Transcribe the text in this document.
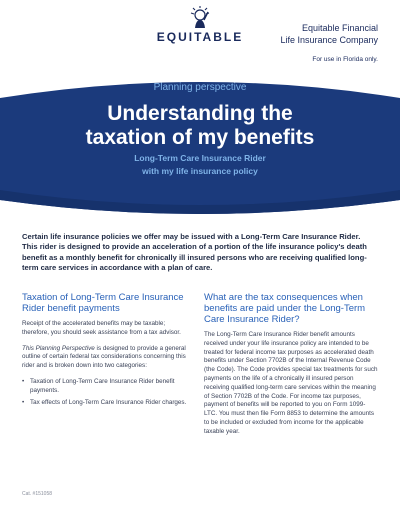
EQUITABLE
Equitable Financial
Life Insurance Company
For use in Florida only.
Planning perspective
Understanding the
taxation of my benefits
Long-Term Care Insurance Rider
with my life insurance policy
Certain life insurance policies we offer may be issued with a Long-Term Care Insurance Rider. This rider is designed to provide an acceleration of a portion of the life insurance policy's death benefit as a monthly benefit for chronically ill insured persons who are receiving qualified long-term care services in accordance with a plan of care.
Taxation of Long-Term Care Insurance Rider benefit payments
Receipt of the accelerated benefits may be taxable; therefore, you should seek assistance from a tax advisor.
This Planning Perspective is designed to provide a general outline of certain federal tax considerations concerning this rider and is broken down into two categories:
• Taxation of Long-Term Care Insurance Rider benefit payments.
• Tax effects of Long-Term Care Insurance Rider charges.
What are the tax consequences when benefits are paid under the Long-Term Care Insurance Rider?
The Long-Term Care Insurance Rider benefit amounts received under your life insurance policy are intended to be treated for federal income tax purposes as accelerated death benefits under Section 7702B of the Internal Revenue Code (the Code). The Code provides special tax treatments for such payments on the life of a chronically ill insured person receiving qualified long-term care services within the meaning of Section 7702B of the Code. For income tax purposes, payment of benefits will be reported to you on Form 1099-LTC. You must then file Form 8853 to determine the amounts to be included or excluded from income for the applicable taxable year.
Cat. #151058
